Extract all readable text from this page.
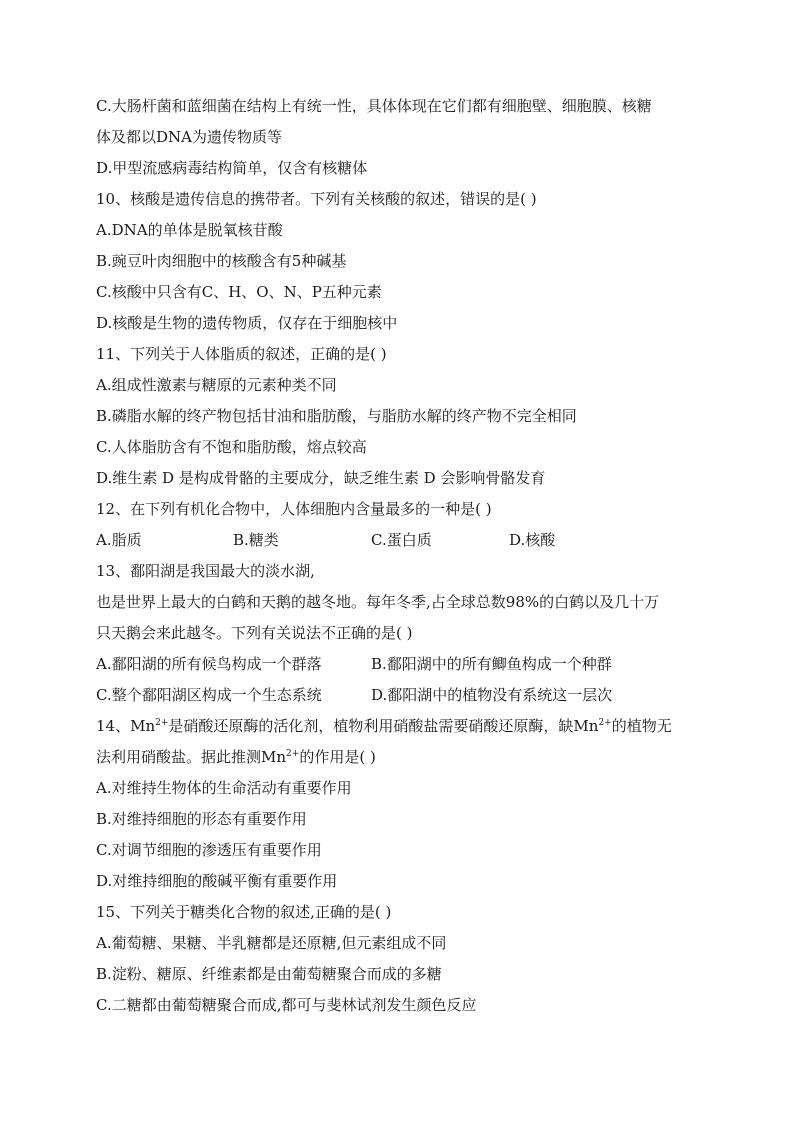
C.大肠杆菌和蓝细菌在结构上有统一性，具体体现在它们都有细胞壁、细胞膜、核糖
体及都以DNA为遗传物质等
D.甲型流感病毒结构简单，仅含有核糖体
10、核酸是遗传信息的携带者。下列有关核酸的叙述，错误的是( )
A.DNA的单体是脱氧核苷酸
B.豌豆叶肉细胞中的核酸含有5种碱基
C.核酸中只含有C、H、O、N、P五种元素
D.核酸是生物的遗传物质，仅存在于细胞核中
11、下列关于人体脂质的叙述，正确的是( )
A.组成性激素与糖原的元素种类不同
B.磷脂水解的终产物包括甘油和脂肪酸，与脂肪水解的终产物不完全相同
C.人体脂肪含有不饱和脂肪酸，熔点较高
D.维生素 D 是构成骨骼的主要成分，缺乏维生素 D 会影响骨骼发育
12、在下列有机化合物中，人体细胞内含量最多的一种是( )
A.脂质	B.糖类	C.蛋白质	D.核酸
13、鄱阳湖是我国最大的淡水湖,
也是世界上最大的白鹤和天鹅的越冬地。每年冬季,占全球总数98%的白鹤以及几十万
只天鹅会来此越冬。下列有关说法不正确的是( )
A.鄱阳湖的所有候鸟构成一个群落	B.鄱阳湖中的所有鲫鱼构成一个种群
C.整个鄱阳湖区构成一个生态系统	D.鄱阳湖中的植物没有系统这一层次
14、$Mn^{2+}$是硝酸还原酶的活化剂，植物利用硝酸盐需要硝酸还原酶，缺$Mn^{2+}$的植物无
法利用硝酸盐。据此推测$Mn^{2+}$的作用是( )
A.对维持生物体的生命活动有重要作用
B.对维持细胞的形态有重要作用
C.对调节细胞的渗透压有重要作用
D.对维持细胞的酸碱平衡有重要作用
15、下列关于糖类化合物的叙述,正确的是( )
A.葡萄糖、果糖、半乳糖都是还原糖,但元素组成不同
B.淀粉、糖原、纤维素都是由葡萄糖聚合而成的多糖
C.二糖都由葡萄糖聚合而成,都可与斐林试剂发生颜色反应
